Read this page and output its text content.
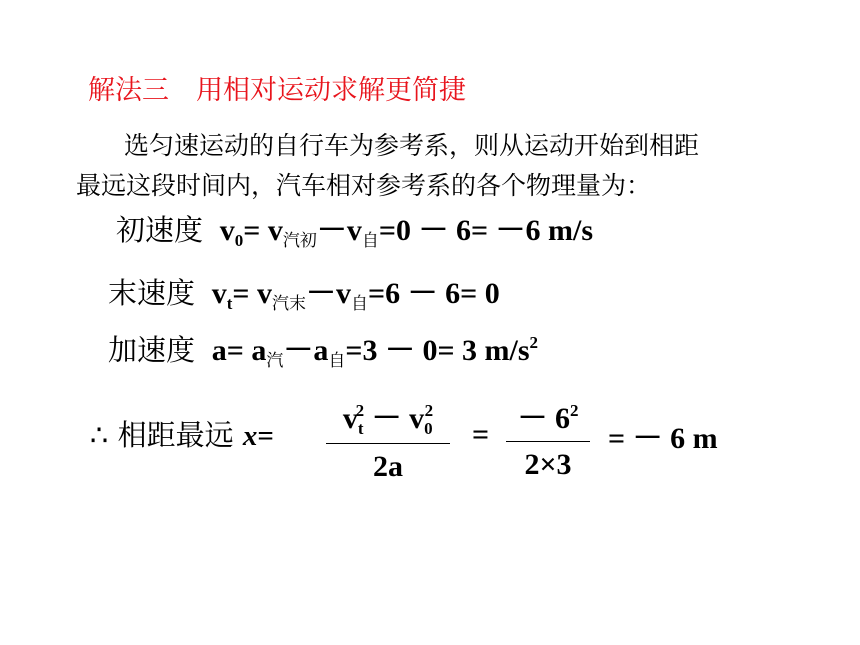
解法三　用相对运动求解更简捷
选匀速运动的自行车为参考系，则从运动开始到相距
最远这段时间内，汽车相对参考系的各个物理量为：
初速度 $v_0= v_{汽初}-v_自=0 - 6= -6$ m/s
末速度 $v_t= v_{汽末}-v_自=6 - 6= 0$
加速度 $a= a_汽-a_自=3 - 0= 3$ $m/s^2$
∴ 相距最远 $x= \frac{v_t^2 - v_0^2}{2a} = \frac{- 6^2}{2\times 3}$ = － 6 m
